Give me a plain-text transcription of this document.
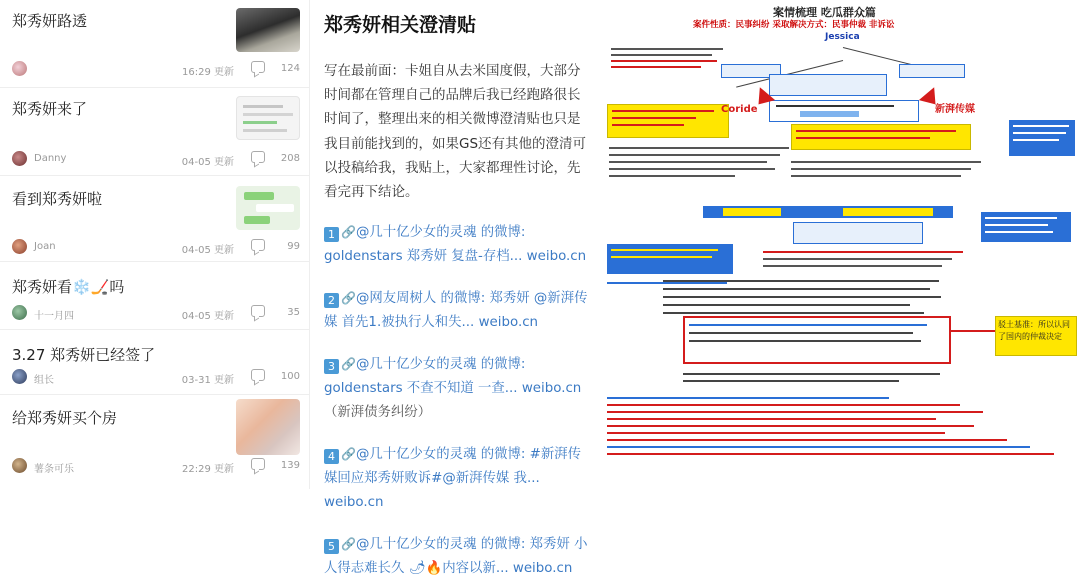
郑秀妍路透
16:29 更新	124
郑秀妍来了
Danny	04-05 更新	208
看到郑秀妍啦
Joan	04-05 更新	99
郑秀妍看❄️🏒吗
十一月四	04-05 更新	35
3.27 郑秀妍已经签了
组长	03-31 更新	100
给郑秀妍买个房
薯条可乐	22:29 更新	139
郑秀妍相关澄清贴
写在最前面：卡姐自从去米国度假，大部分时间都在管理自己的品牌后我已经跑路很长时间了，整理出来的相关微博澄清贴也只是我目前能找到的，如果GS还有其他的澄清可以投稿给我，我贴上，大家都理性讨论，先看完再下结论。
1 🔗@几十亿少女的灵魂 的微博: goldenstars 郑秀妍 复盘-存档... weibo.cn
2 🔗@网友周树人 的微博: 郑秀妍 @新湃传媒 首先1.被执行人和失... weibo.cn
3 🔗@几十亿少女的灵魂 的微博: goldenstars 不查不知道 一查... weibo.cn （新湃债务纠纷）
4 🔗@几十亿少女的灵魂 的微博: #新湃传媒回应郑秀妍败诉#@新湃传媒 我... weibo.cn
5 🔗@几十亿少女的灵魂 的微博: 郑秀妍 小人得志难长久 🌶🔥内容以新... weibo.cn
案情梳理 吃瓜群众篇
案件性质：民事纠纷 采取解决方式：民事仲裁 非诉讼
Jessica
Coride	新湃传媒
驳土基准：所以认同了国内的仲裁决定
